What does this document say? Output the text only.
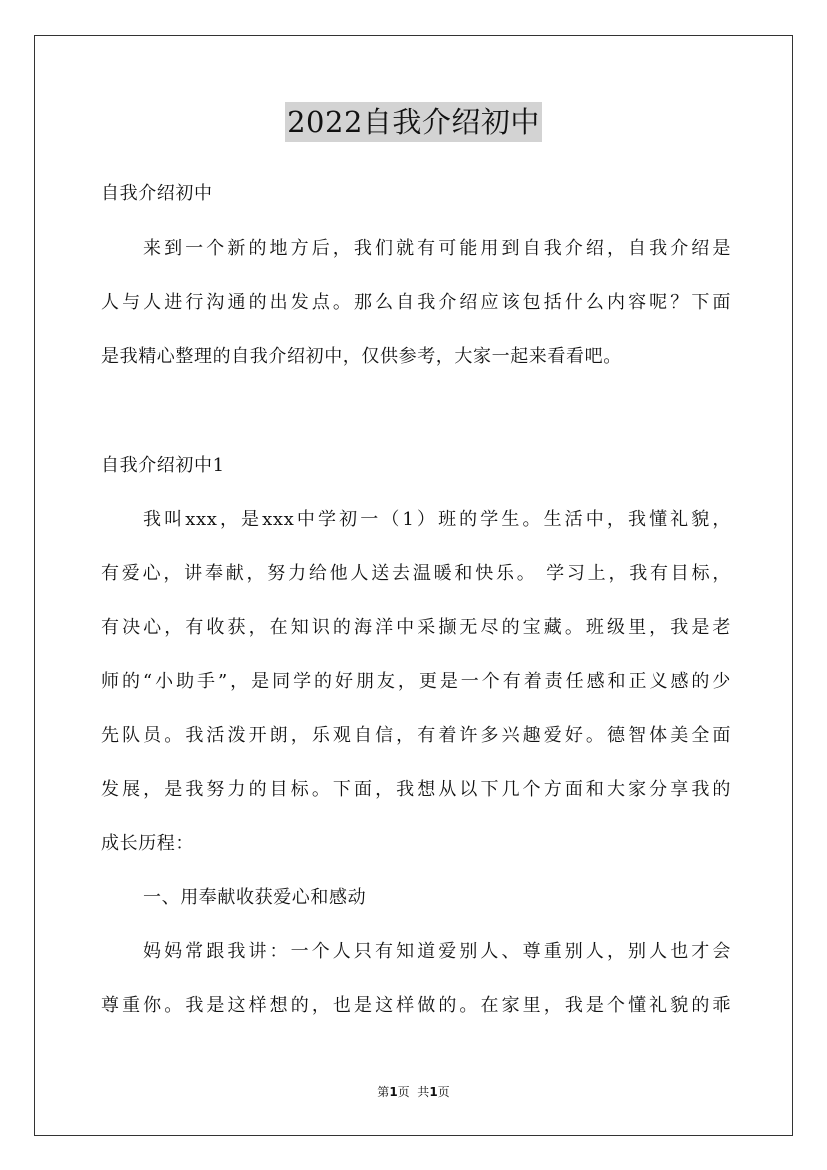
2022自我介绍初中

自我介绍初中

来到一个新的地方后，我们就有可能用到自我介绍，自我介绍是

人与人进行沟通的出发点。那么自我介绍应该包括什么内容呢？下面

是我精心整理的自我介绍初中，仅供参考，大家一起来看看吧。

自我介绍初中1

我叫xxx，是xxx中学初一（1）班的学生。生活中，我懂礼貌，

有爱心，讲奉献，努力给他人送去温暖和快乐。 学习上，我有目标，

有决心，有收获，在知识的海洋中采撷无尽的宝藏。班级里，我是老

师的“小助手”，是同学的好朋友，更是一个有着责任感和正义感的少

先队员。我活泼开朗，乐观自信，有着许多兴趣爱好。德智体美全面

发展，是我努力的目标。下面，我想从以下几个方面和大家分享我的

成长历程：

一、用奉献收获爱心和感动

妈妈常跟我讲：一个人只有知道爱别人、尊重别人，别人也才会

尊重你。我是这样想的，也是这样做的。在家里，我是个懂礼貌的乖

第1页  共1页
